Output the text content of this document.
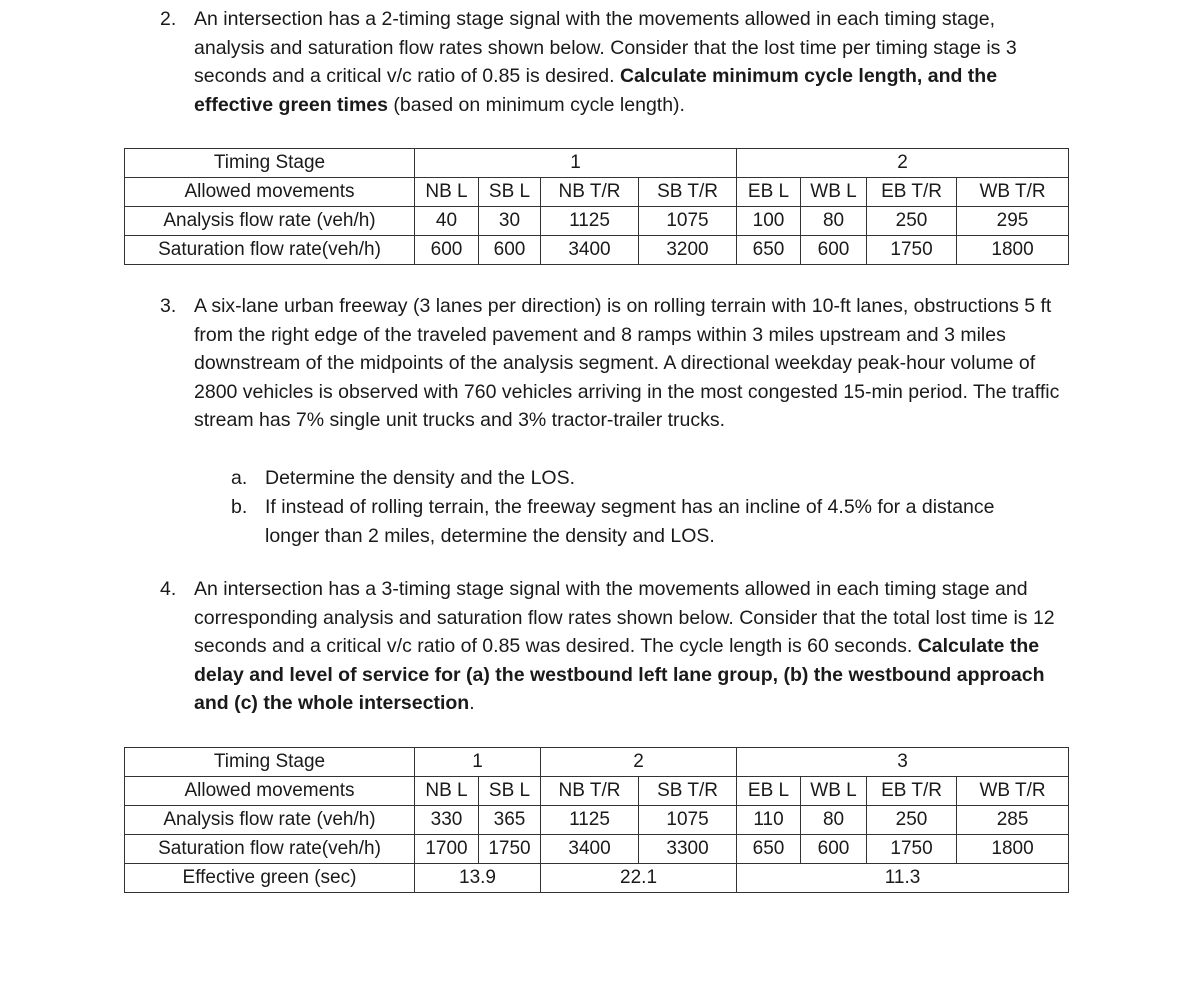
2. An intersection has a 2-timing stage signal with the movements allowed in each timing stage, analysis and saturation flow rates shown below. Consider that the lost time per timing stage is 3 seconds and a critical v/c ratio of 0.85 is desired. Calculate minimum cycle length, and the effective green times (based on minimum cycle length).
Timing Stage	1				2			
Allowed movements	NB L	SB L	NB T/R	SB T/R	EB L	WB L	EB T/R	WB T/R
Analysis flow rate (veh/h)	40	30	1125	1075	100	80	250	295
Saturation flow rate(veh/h)	600	600	3400	3200	650	600	1750	1800
3. A six-lane urban freeway (3 lanes per direction) is on rolling terrain with 10-ft lanes, obstructions 5 ft from the right edge of the traveled pavement and 8 ramps within 3 miles upstream and 3 miles downstream of the midpoints of the analysis segment. A directional weekday peak-hour volume of 2800 vehicles is observed with 760 vehicles arriving in the most congested 15-min period. The traffic stream has 7% single unit trucks and 3% tractor-trailer trucks.
a. Determine the density and the LOS.
b. If instead of rolling terrain, the freeway segment has an incline of 4.5% for a distance longer than 2 miles, determine the density and LOS.
4. An intersection has a 3-timing stage signal with the movements allowed in each timing stage and corresponding analysis and saturation flow rates shown below. Consider that the total lost time is 12 seconds and a critical v/c ratio of 0.85 was desired. The cycle length is 60 seconds. Calculate the delay and level of service for (a) the westbound left lane group, (b) the westbound approach and (c) the whole intersection.
Timing Stage	1		2		3			
Allowed movements	NB L	SB L	NB T/R	SB T/R	EB L	WB L	EB T/R	WB T/R
Analysis flow rate (veh/h)	330	365	1125	1075	110	80	250	285
Saturation flow rate(veh/h)	1700	1750	3400	3300	650	600	1750	1800
Effective green (sec)	13.9		22.1		11.3			
